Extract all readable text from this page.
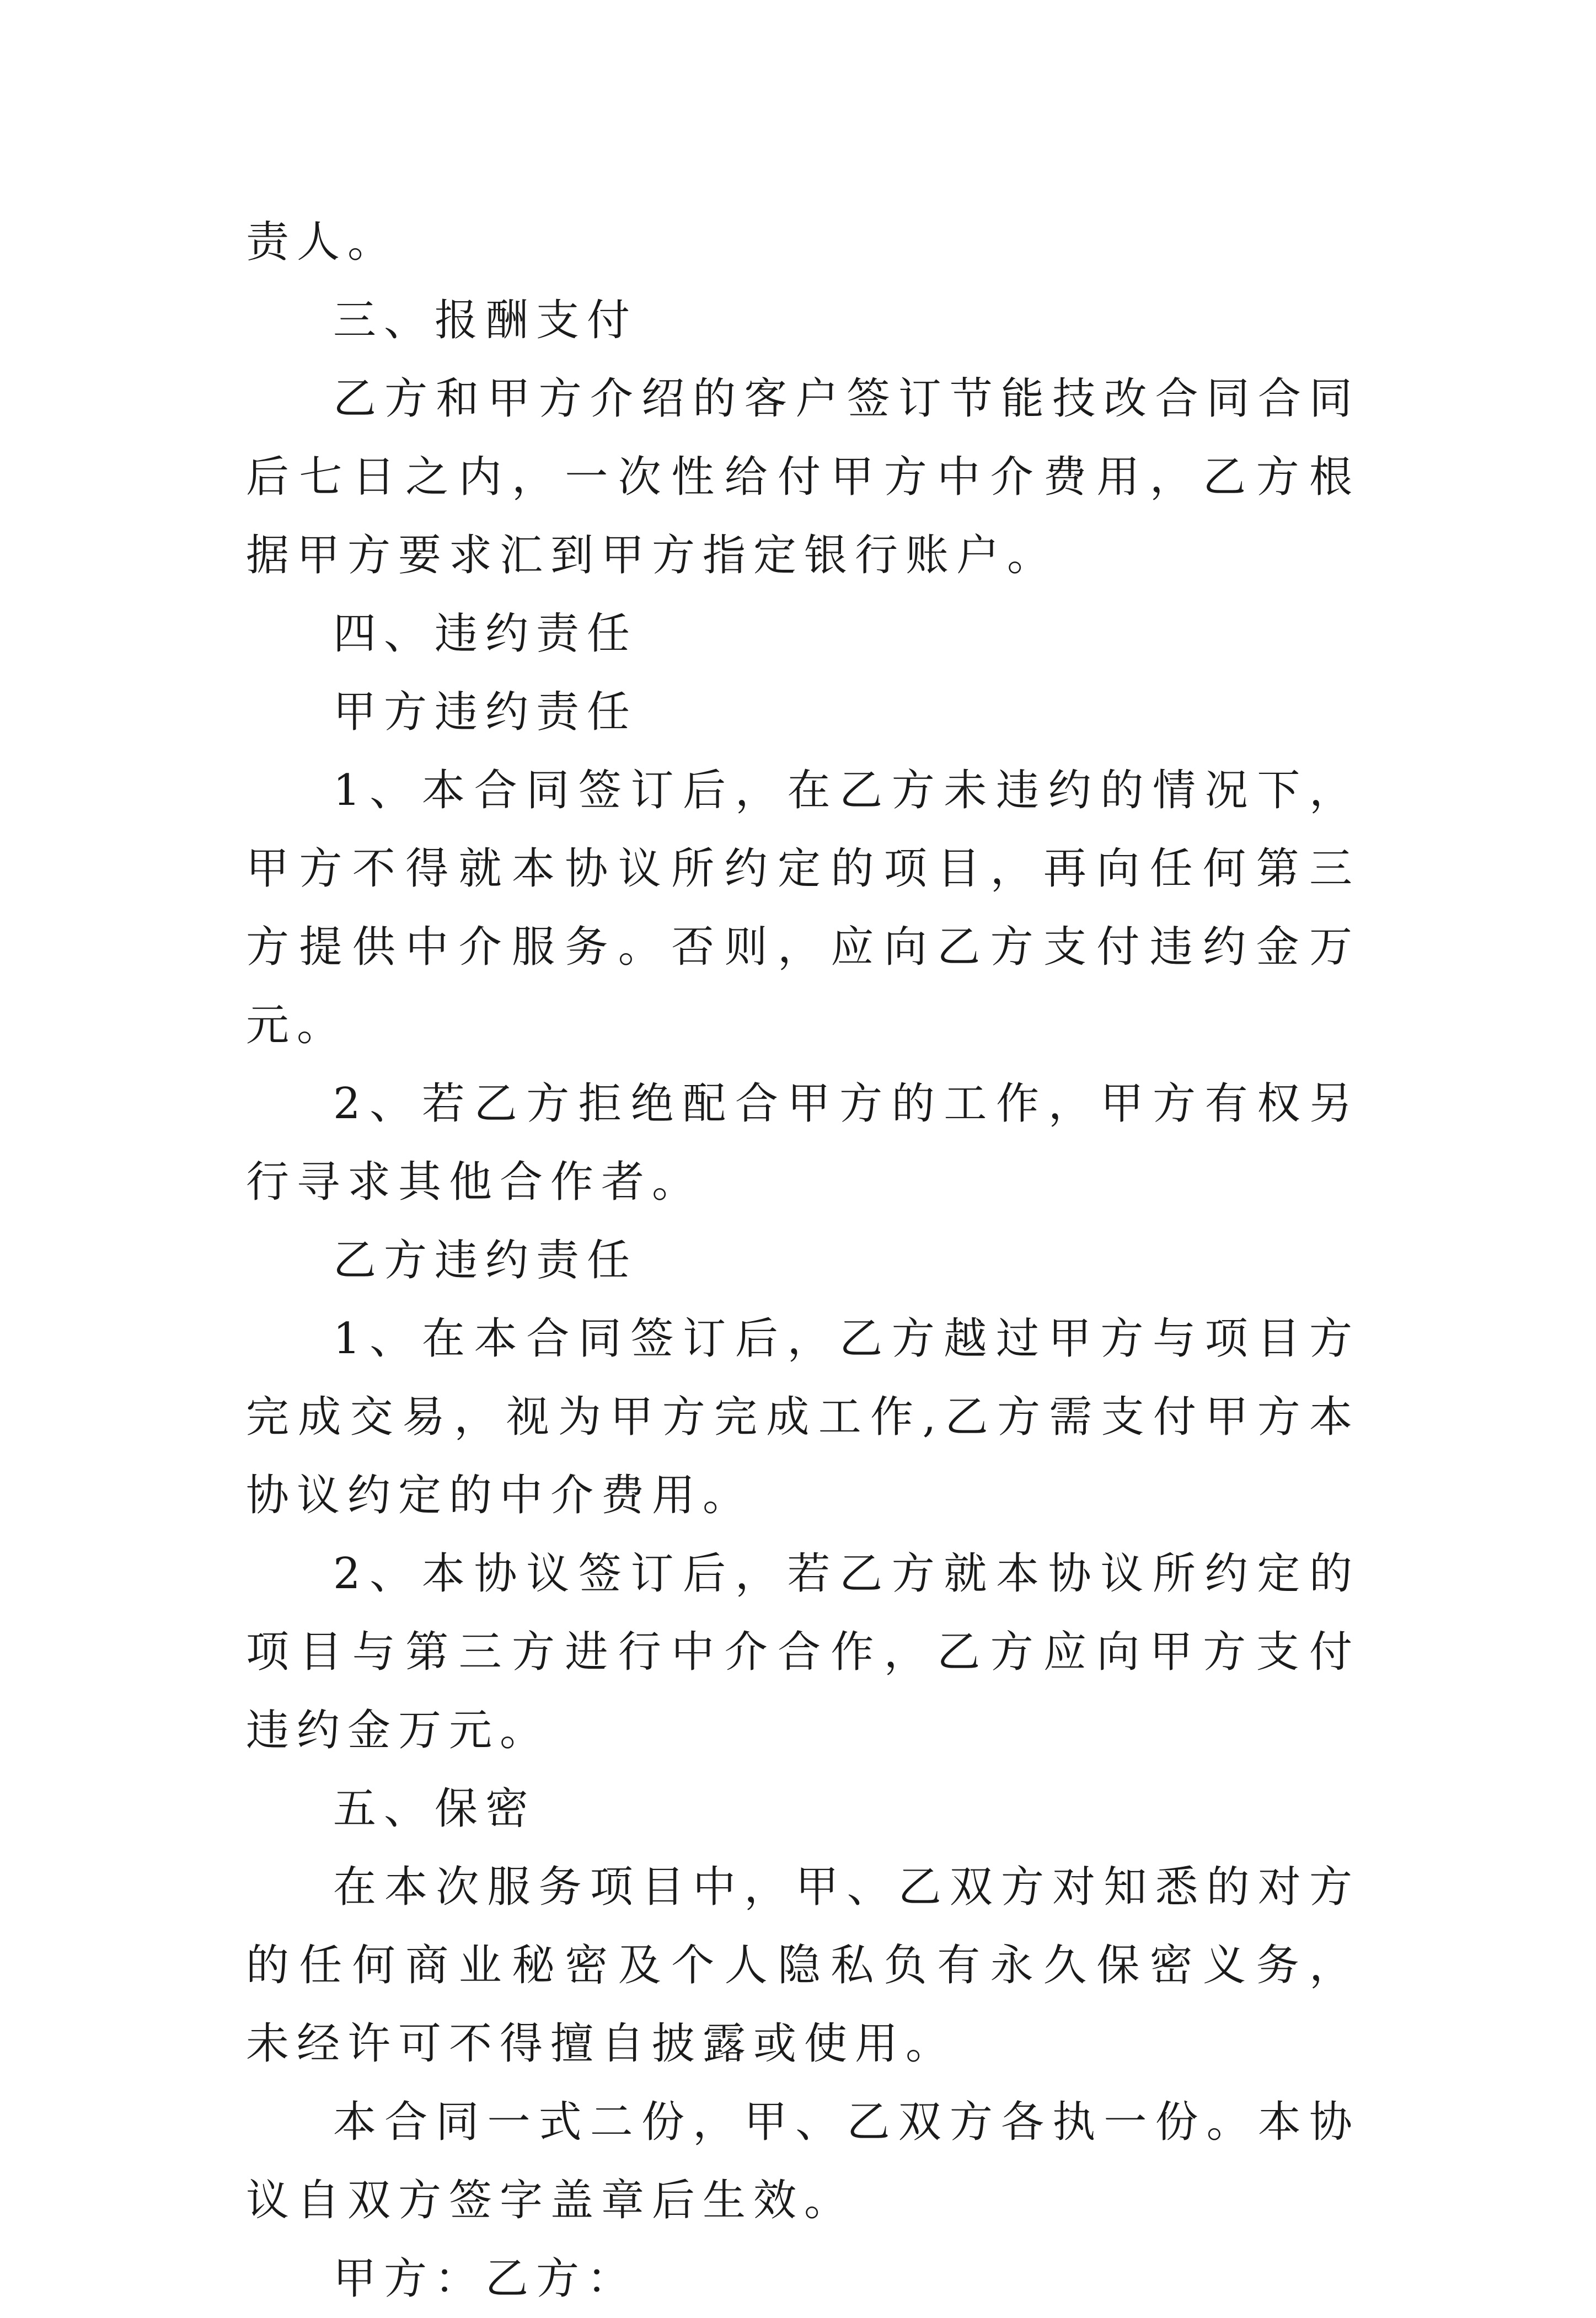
责人。

三、报酬支付

乙方和甲方介绍的客户签订节能技改合同合同后七日之内，一次性给付甲方中介费用，乙方根据甲方要求汇到甲方指定银行账户。

四、违约责任

甲方违约责任

1、本合同签订后，在乙方未违约的情况下，甲方不得就本协议所约定的项目，再向任何第三方提供中介服务。否则，应向乙方支付违约金万元。

2、若乙方拒绝配合甲方的工作，甲方有权另行寻求其他合作者。

乙方违约责任

1、在本合同签订后，乙方越过甲方与项目方完成交易，视为甲方完成工作,乙方需支付甲方本协议约定的中介费用。

2、本协议签订后，若乙方就本协议所约定的项目与第三方进行中介合作，乙方应向甲方支付违约金万元。

五、保密

在本次服务项目中，甲、乙双方对知悉的对方的任何商业秘密及个人隐私负有永久保密义务，未经许可不得擅自披露或使用。

本合同一式二份，甲、乙双方各执一份。本协议自双方签字盖章后生效。

甲方：乙方：
